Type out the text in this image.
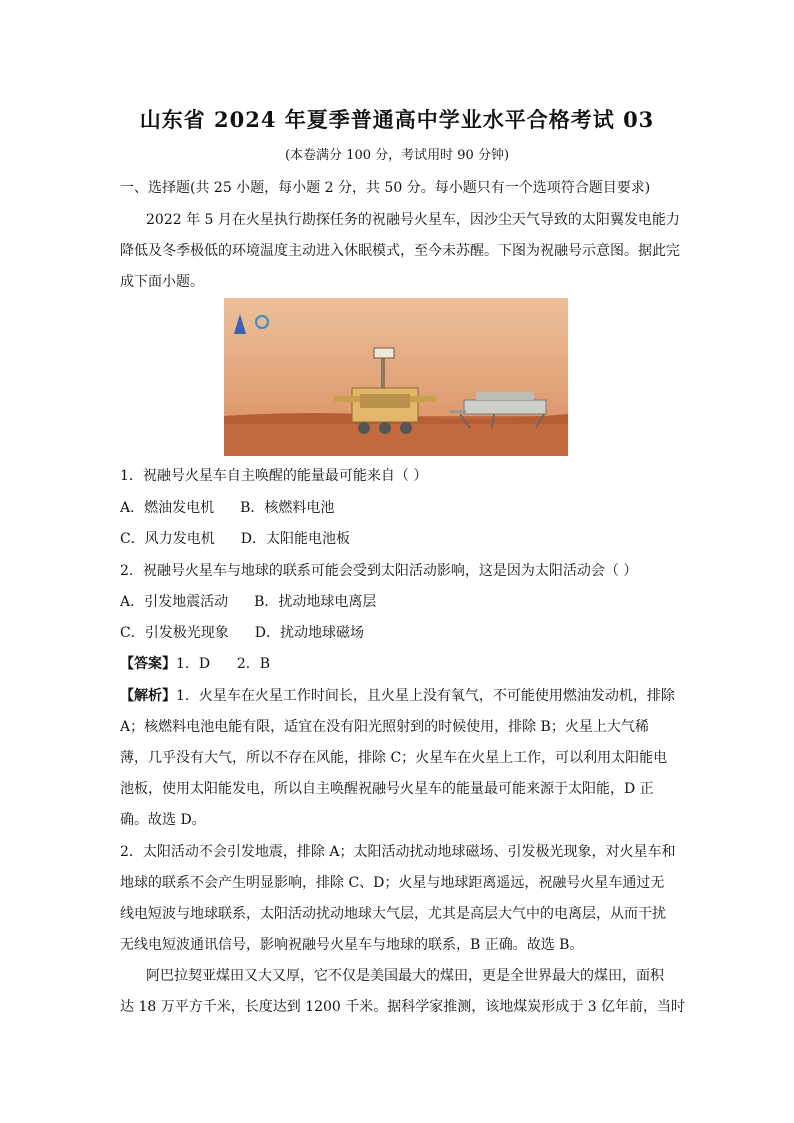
山东省 2024 年夏季普通高中学业水平合格考试 03
(本卷满分 100 分，考试用时 90 分钟)
一、选择题(共 25 小题，每小题 2 分，共 50 分。每小题只有一个选项符合题目要求)
2022 年 5 月在火星执行勘探任务的祝融号火星车，因沙尘天气导致的太阳翼发电能力
降低及冬季极低的环境温度主动进入休眠模式，至今未苏醒。下图为祝融号示意图。据此完
成下面小题。
1．祝融号火星车自主唤醒的能量最可能来自（ ）
A．燃油发电机 B．核燃料电池
C．风力发电机 D．太阳能电池板
2．祝融号火星车与地球的联系可能会受到太阳活动影响，这是因为太阳活动会（ ）
A．引发地震活动 B．扰动地球电离层
C．引发极光现象 D．扰动地球磁场
【答案】1．D      2．B
【解析】1．火星车在火星工作时间长，且火星上没有氧气，不可能使用燃油发动机，排除
A；核燃料电池电能有限，适宜在没有阳光照射到的时候使用，排除 B；火星上大气稀
薄，几乎没有大气，所以不存在风能，排除 C；火星车在火星上工作，可以利用太阳能电
池板，使用太阳能发电，所以自主唤醒祝融号火星车的能量最可能来源于太阳能，D 正
确。故选 D。
2．太阳活动不会引发地震，排除 A；太阳活动扰动地球磁场、引发极光现象，对火星车和
地球的联系不会产生明显影响，排除 C、D；火星与地球距离遥远，祝融号火星车通过无
线电短波与地球联系，太阳活动扰动地球大气层，尤其是高层大气中的电离层，从而干扰
无线电短波通讯信号，影响祝融号火星车与地球的联系，B 正确。故选 B。
阿巴拉契亚煤田又大又厚，它不仅是美国最大的煤田，更是全世界最大的煤田，面积
达 18 万平方千米，长度达到 1200 千米。据科学家推测，该地煤炭形成于 3 亿年前，当时
